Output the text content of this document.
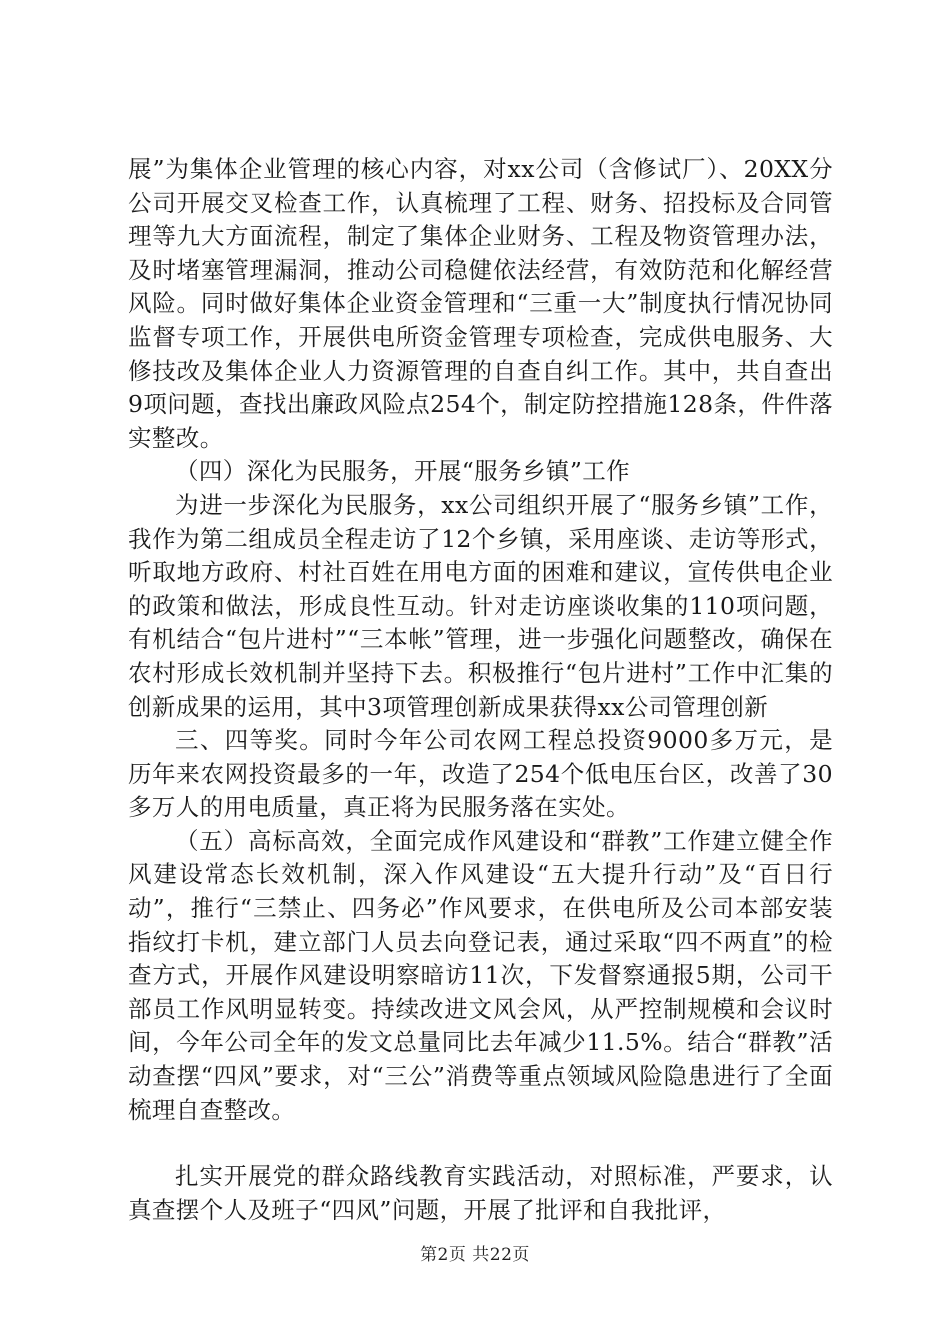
展”为集体企业管理的核心内容，对xx公司（含修试厂）、20XX分公司开展交叉检查工作，认真梳理了工程、财务、招投标及合同管理等九大方面流程，制定了集体企业财务、工程及物资管理办法，及时堵塞管理漏洞，推动公司稳健依法经营，有效防范和化解经营风险。同时做好集体企业资金管理和“三重一大”制度执行情况协同监督专项工作，开展供电所资金管理专项检查，完成供电服务、大修技改及集体企业人力资源管理的自查自纠工作。其中，共自查出9项问题，查找出廉政风险点254个，制定防控措施128条，件件落实整改。

（四）深化为民服务，开展“服务乡镇”工作

为进一步深化为民服务，xx公司组织开展了“服务乡镇”工作，我作为第二组成员全程走访了12个乡镇，采用座谈、走访等形式，听取地方政府、村社百姓在用电方面的困难和建议，宣传供电企业的政策和做法，形成良性互动。针对走访座谈收集的110项问题，有机结合“包片进村”“三本帐”管理，进一步强化问题整改，确保在农村形成长效机制并坚持下去。积极推行“包片进村”工作中汇集的创新成果的运用，其中3项管理创新成果获得xx公司管理创新

三、四等奖。同时今年公司农网工程总投资9000多万元，是历年来农网投资最多的一年，改造了254个低电压台区，改善了30多万人的用电质量，真正将为民服务落在实处。

（五）高标高效，全面完成作风建设和“群教”工作建立健全作风建设常态长效机制，深入作风建设“五大提升行动”及“百日行动”，推行“三禁止、四务必”作风要求，在供电所及公司本部安装指纹打卡机，建立部门人员去向登记表，通过采取“四不两直”的检查方式，开展作风建设明察暗访11次，下发督察通报5期，公司干部员工作风明显转变。持续改进文风会风，从严控制规模和会议时间，今年公司全年的发文总量同比去年减少11.5%。结合“群教”活动查摆“四风”要求，对“三公”消费等重点领域风险隐患进行了全面梳理自查整改。

扎实开展党的群众路线教育实践活动，对照标准，严要求，认真查摆个人及班子“四风”问题，开展了批评和自我批评，

第2页 共22页
